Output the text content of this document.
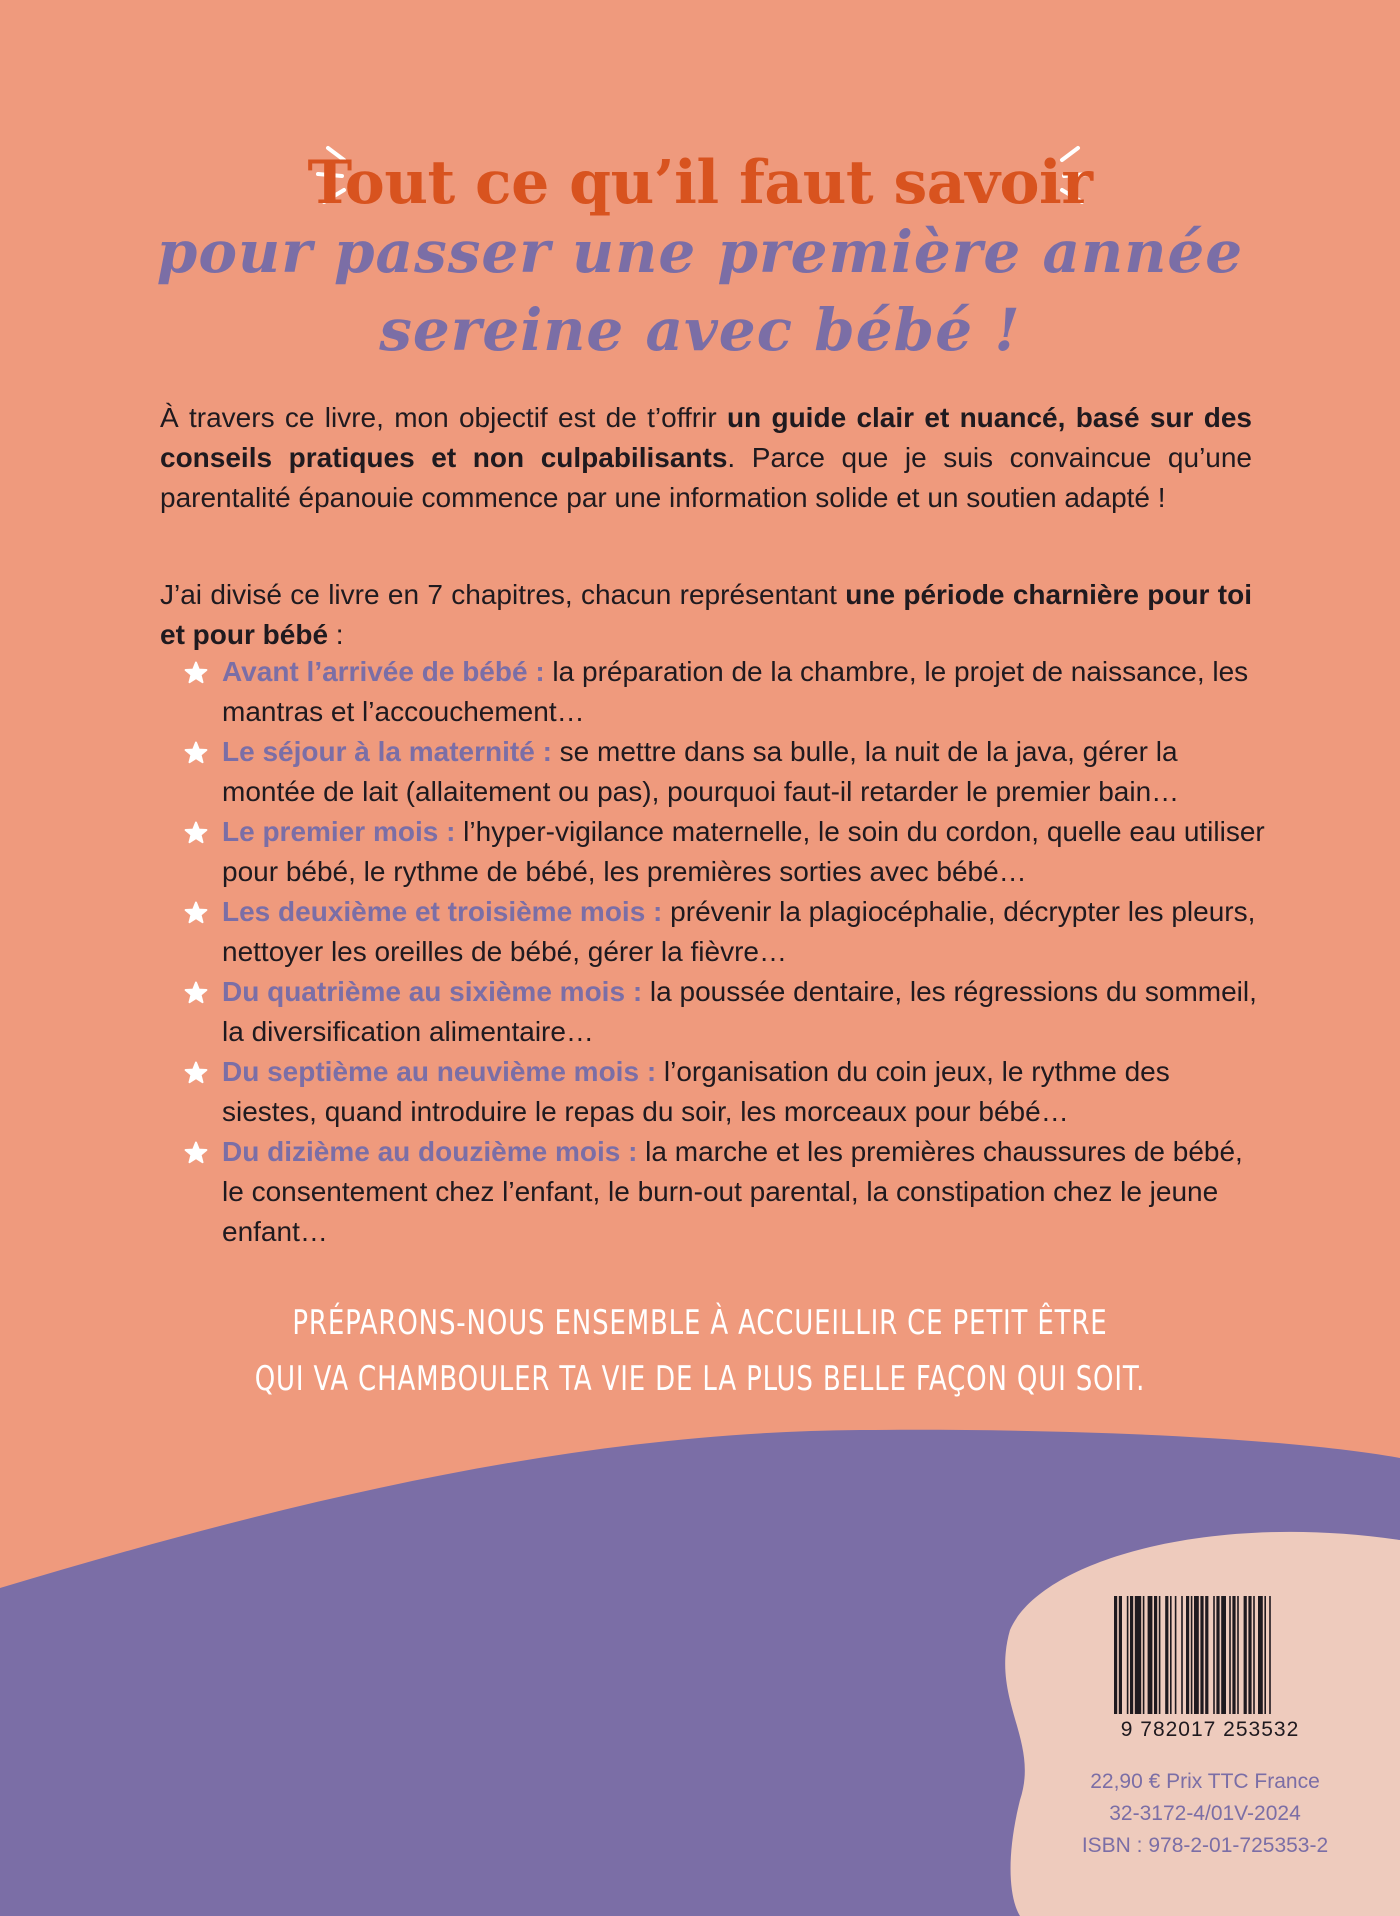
Tout ce qu’il faut savoir
pour passer une première année
sereine avec bébé !

À travers ce livre, mon objectif est de t’offrir un guide clair et nuancé, basé sur des conseils pratiques et non culpabilisants. Parce que je suis convaincue qu’une parentalité épanouie commence par une information solide et un soutien adapté !

J’ai divisé ce livre en 7 chapitres, chacun représentant une période charnière pour toi et pour bébé :

Avant l’arrivée de bébé : la préparation de la chambre, le projet de naissance, les mantras et l’accouchement…
Le séjour à la maternité : se mettre dans sa bulle, la nuit de la java, gérer la montée de lait (allaitement ou pas), pourquoi faut-il retarder le premier bain…
Le premier mois : l’hyper-vigilance maternelle, le soin du cordon, quelle eau utiliser pour bébé, le rythme de bébé, les premières sorties avec bébé…
Les deuxième et troisième mois : prévenir la plagiocéphalie, décrypter les pleurs, nettoyer les oreilles de bébé, gérer la fièvre…
Du quatrième au sixième mois : la poussée dentaire, les régressions du sommeil, la diversification alimentaire…
Du septième au neuvième mois : l’organisation du coin jeux, le rythme des siestes, quand introduire le repas du soir, les morceaux pour bébé…
Du dizième au douzième mois : la marche et les premières chaussures de bébé, le consentement chez l’enfant, le burn-out parental, la constipation chez le jeune enfant…
PRÉPARONS-NOUS ENSEMBLE À ACCUEILLIR CE PETIT ÊTRE
QUI VA CHAMBOULER TA VIE DE LA PLUS BELLE FAÇON QUI SOIT.
9 782017 253532
22,90 € Prix TTC France
32-3172-4/01V-2024
ISBN : 978-2-01-725353-2
